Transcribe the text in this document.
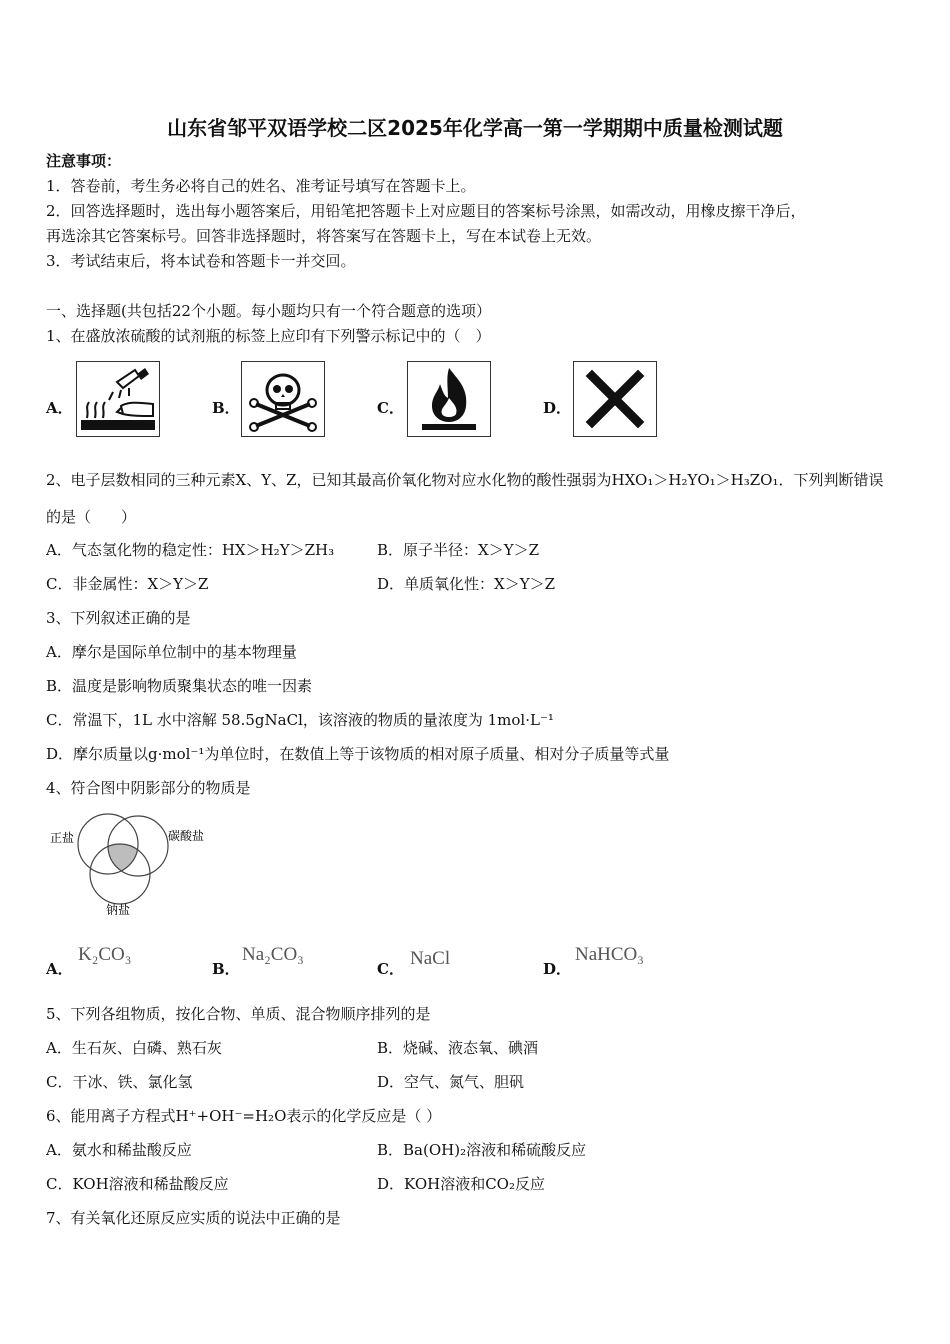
山东省邹平双语学校二区2025年化学高一第一学期期中质量检测试题
注意事项：
1．答卷前，考生务必将自己的姓名、准考证号填写在答题卡上。
2．回答选择题时，选出每小题答案后，用铅笔把答题卡上对应题目的答案标号涂黑，如需改动，用橡皮擦干净后，
再选涂其它答案标号。回答非选择题时，将答案写在答题卡上，写在本试卷上无效。
3．考试结束后，将本试卷和答题卡一并交回。
一、选择题(共包括22个小题。每小题均只有一个符合题意的选项）
1、在盛放浓硫酸的试剂瓶的标签上应印有下列警示标记中的（　）
A．	B．	C．	D．
2、电子层数相同的三种元素X、Y、Z，已知其最高价氧化物对应水化物的酸性强弱为HXO₁＞H₂YO₁＞H₃ZO₁．下列判断错误
的是（　　）
A．气态氢化物的稳定性：HX＞H₂Y＞ZH₃	B．原子半径：X＞Y＞Z
C．非金属性：X＞Y＞Z	D．单质氧化性：X＞Y＞Z
3、下列叙述正确的是
A．摩尔是国际单位制中的基本物理量
B．温度是影响物质聚集状态的唯一因素
C．常温下，1L 水中溶解 58.5gNaCl，该溶液的物质的量浓度为 1mol·L⁻¹
D．摩尔质量以g·mol⁻¹为单位时，在数值上等于该物质的相对原子质量、相对分子质量等式量
4、符合图中阴影部分的物质是
正盐	碳酸盐
钠盐
A．
K₂CO₃
B．
Na₂CO₃
C． NaCl	D．
NaHCO₃
5、下列各组物质，按化合物、单质、混合物顺序排列的是
A．生石灰、白磷、熟石灰	B．烧碱、液态氧、碘酒
C．干冰、铁、氯化氢	D．空气、氮气、胆矾
6、能用离子方程式H⁺+OH⁻=H₂O表示的化学反应是（ ）
A．氨水和稀盐酸反应	B．Ba(OH)₂溶液和稀硫酸反应
C．KOH溶液和稀盐酸反应	D．KOH溶液和CO₂反应
7、有关氧化还原反应实质的说法中正确的是
